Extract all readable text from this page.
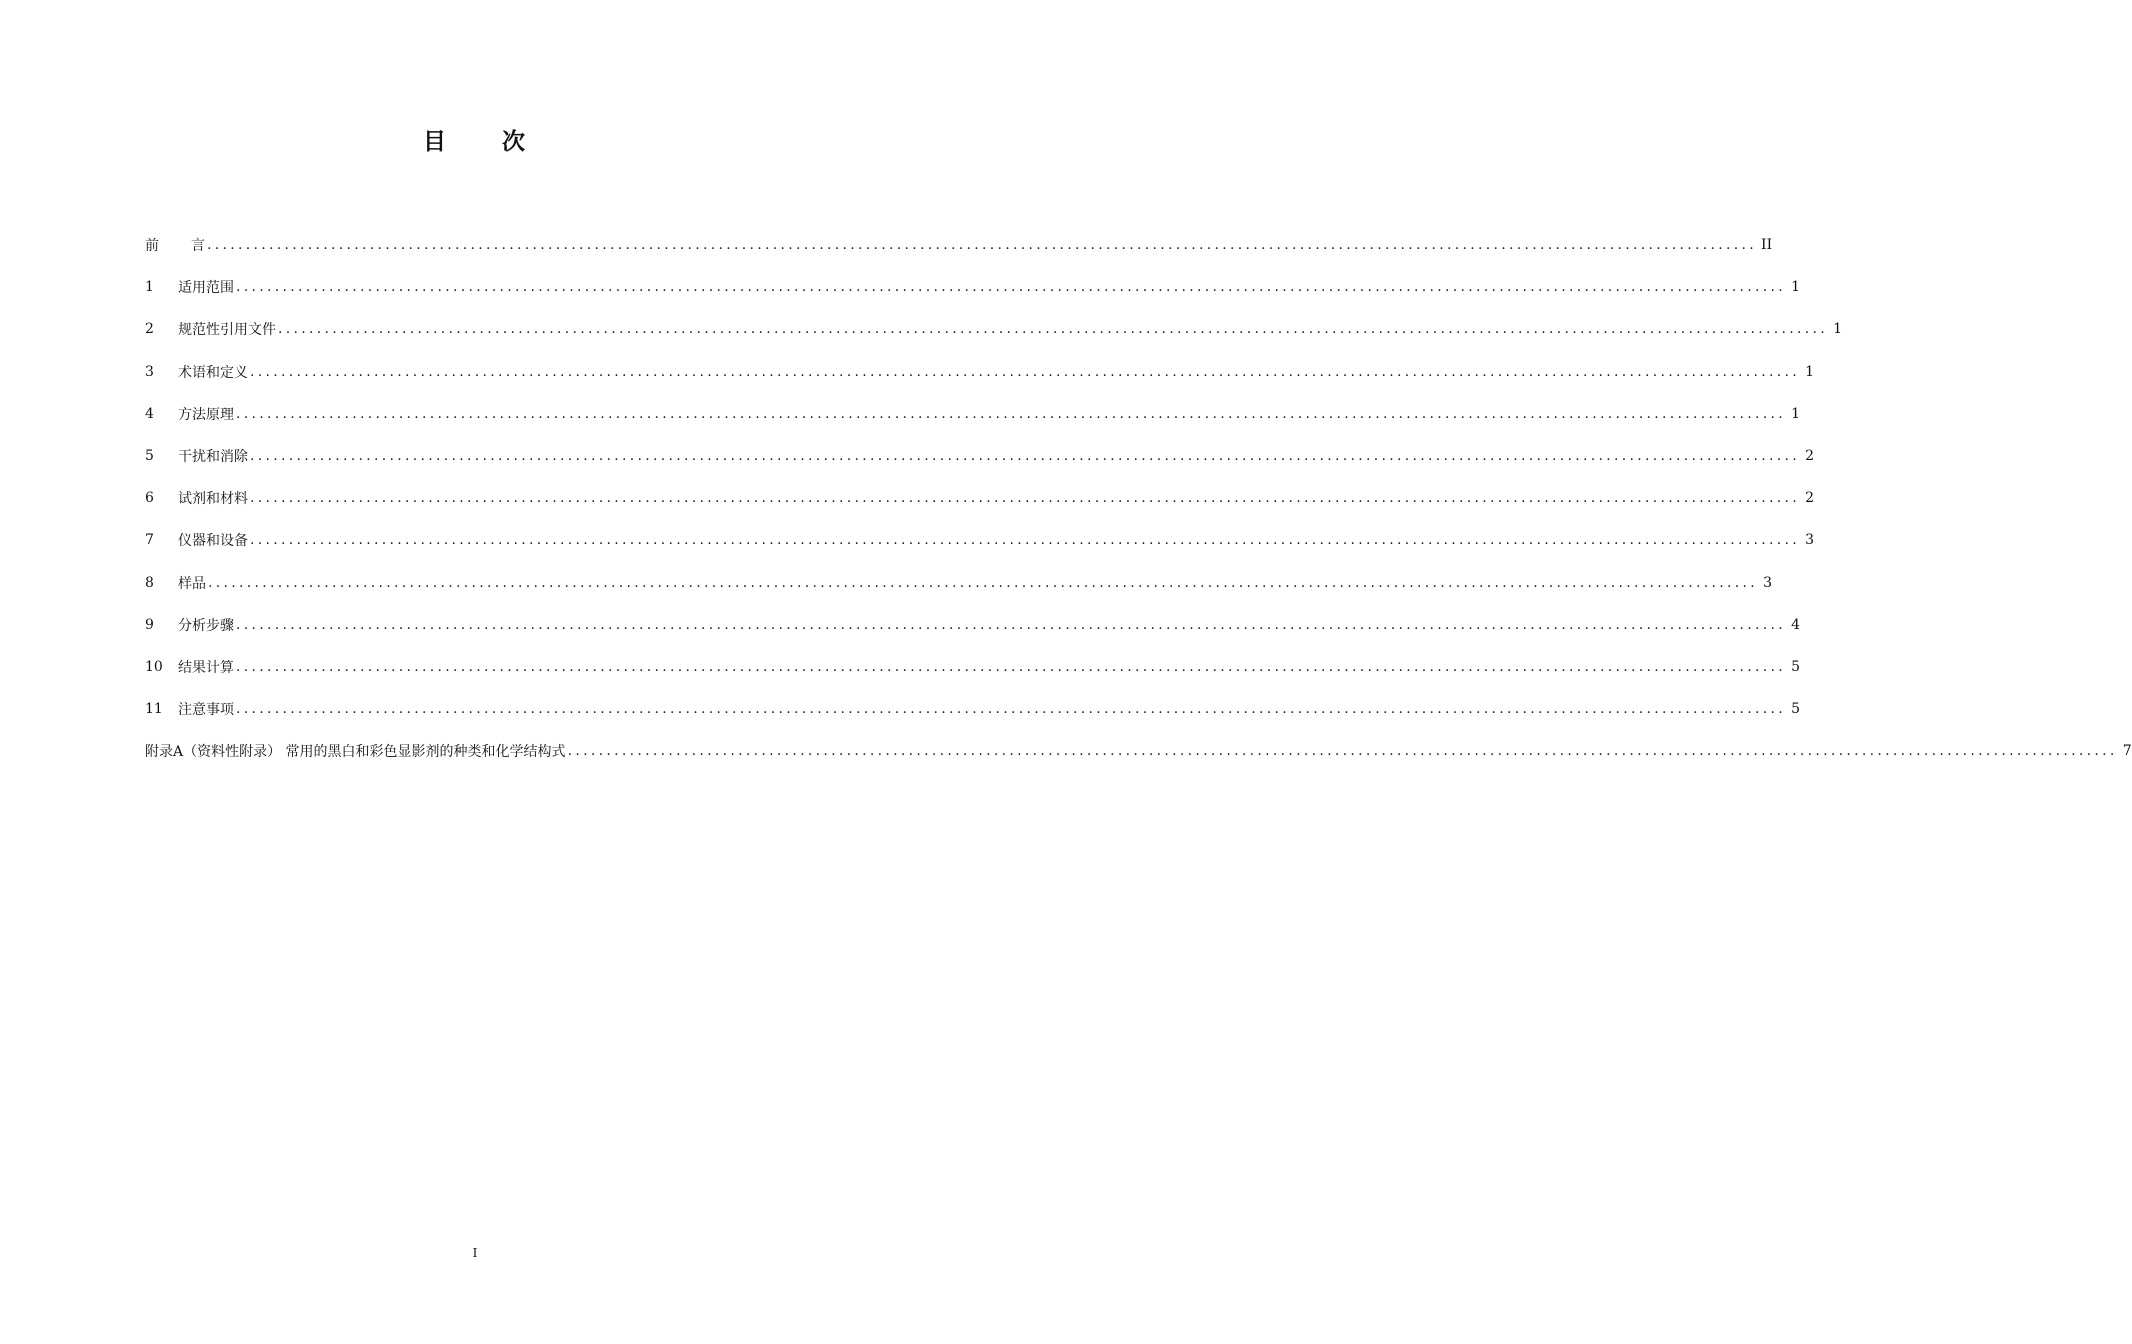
目 次
前 言 ........................................................................................................................................................................................................ II
1	适用范围 ........................................................................................................................................................................................................ 1
2	规范性引用文件 ........................................................................................................................................................................................................ 1
3	术语和定义 ........................................................................................................................................................................................................ 1
4	方法原理 ........................................................................................................................................................................................................ 1
5	干扰和消除 ........................................................................................................................................................................................................ 2
6	试剂和材料 ........................................................................................................................................................................................................ 2
7	仪器和设备 ........................................................................................................................................................................................................ 3
8	样品 ........................................................................................................................................................................................................ 3
9	分析步骤 ........................................................................................................................................................................................................ 4
10	结果计算 ........................................................................................................................................................................................................ 5
11	注意事项 ........................................................................................................................................................................................................ 5
附录A（资料性附录） 常用的黑白和彩色显影剂的种类和化学结构式 ........................................................................................................................................................................................................ 7
I
